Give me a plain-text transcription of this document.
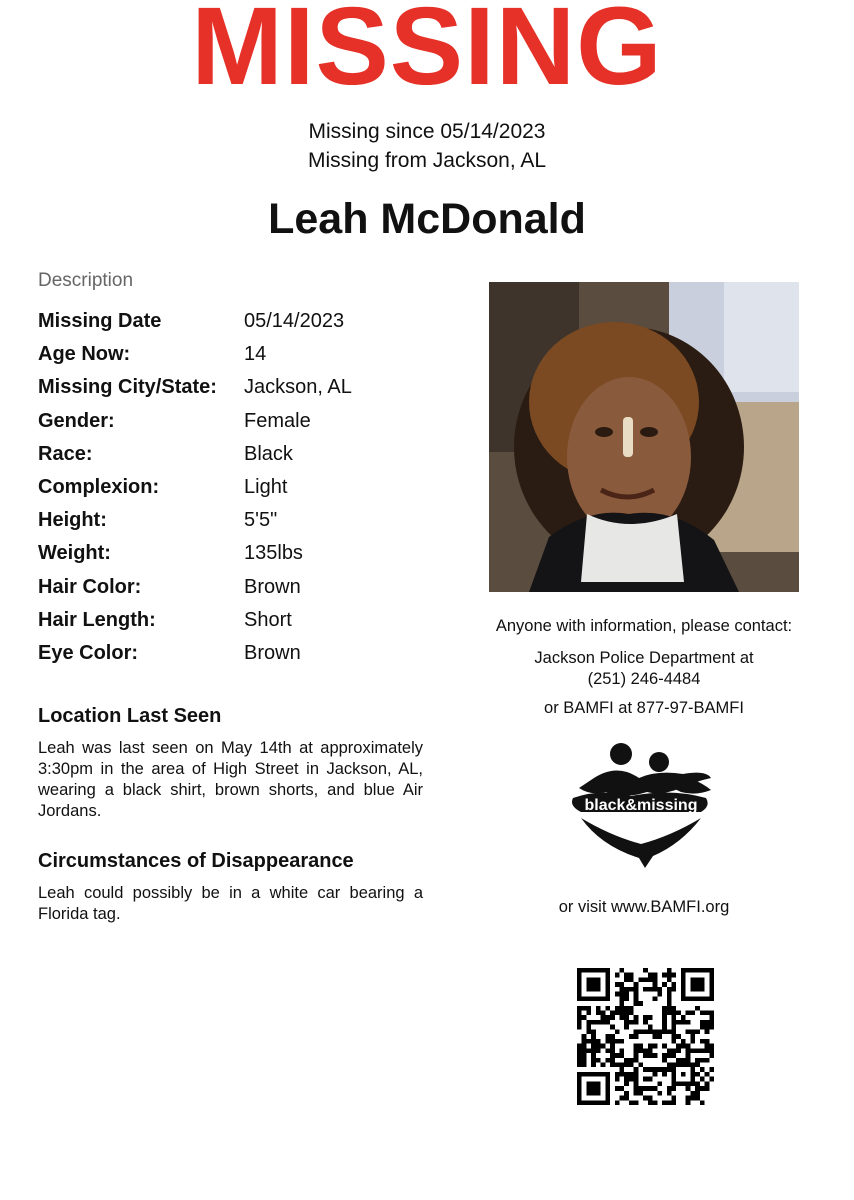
MISSING
Missing since 05/14/2023
Missing from Jackson, AL
Leah McDonald
Description
Missing Date	05/14/2023
Age Now:	14
Missing City/State:	Jackson, AL
Gender:	Female
Race:	Black
Complexion:	Light
Height:	5'5"
Weight:	135lbs
Hair Color:	Brown
Hair Length:	Short
Eye Color:	Brown
Location Last Seen
Leah was last seen on May 14th at approximately 3:30pm in the area of High Street in Jackson, AL, wearing a black shirt, brown shorts, and blue Air Jordans.
Circumstances of Disappearance
Leah could possibly be in a white car bearing a Florida tag.
Anyone with information, please contact:
Jackson Police Department at
(251) 246-4484
or BAMFI at 877-97-BAMFI
black&missing
or visit www.BAMFI.org
